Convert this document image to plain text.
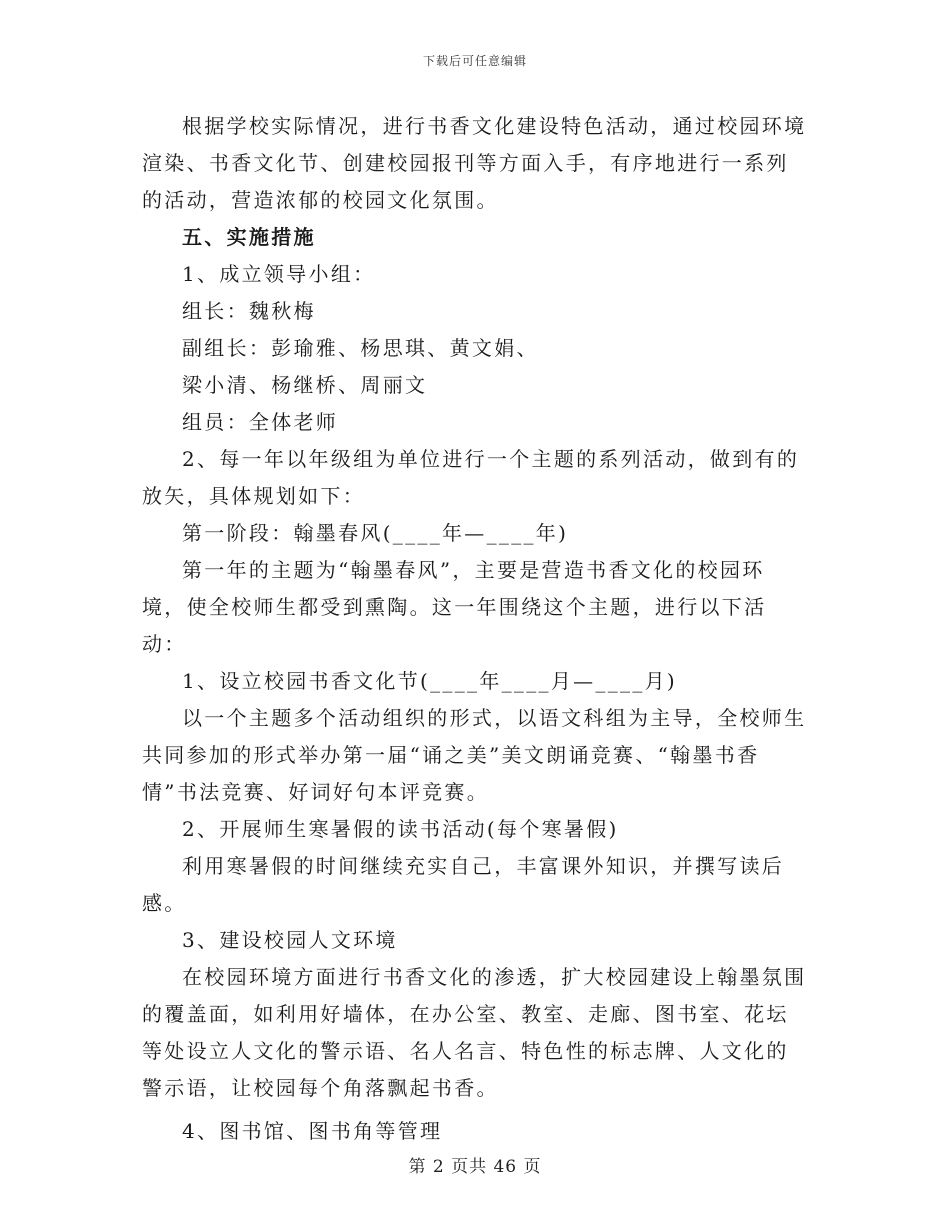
下载后可任意编辑

根据学校实际情况，进行书香文化建设特色活动，通过校园环境渲染、书香文化节、创建校园报刊等方面入手，有序地进行一系列的活动，营造浓郁的校园文化氛围。

五、实施措施

1、成立领导小组：

组长：魏秋梅

副组长：彭瑜雅、杨思琪、黄文娟、

梁小清、杨继桥、周丽文

组员：全体老师

2、每一年以年级组为单位进行一个主题的系列活动，做到有的放矢，具体规划如下：

第一阶段：翰墨春风(____年—____年)

第一年的主题为“翰墨春风”，主要是营造书香文化的校园环境，使全校师生都受到熏陶。这一年围绕这个主题，进行以下活动：

1、设立校园书香文化节(____年____月—____月)

以一个主题多个活动组织的形式，以语文科组为主导，全校师生共同参加的形式举办第一届“诵之美”美文朗诵竞赛、“翰墨书香情”书法竞赛、好词好句本评竞赛。

2、开展师生寒暑假的读书活动(每个寒暑假)

利用寒暑假的时间继续充实自己，丰富课外知识，并撰写读后感。

3、建设校园人文环境

在校园环境方面进行书香文化的渗透，扩大校园建设上翰墨氛围的覆盖面，如利用好墙体，在办公室、教室、走廊、图书室、花坛等处设立人文化的警示语、名人名言、特色性的标志牌、人文化的警示语，让校园每个角落飘起书香。

4、图书馆、图书角等管理

第 2 页共 46 页
